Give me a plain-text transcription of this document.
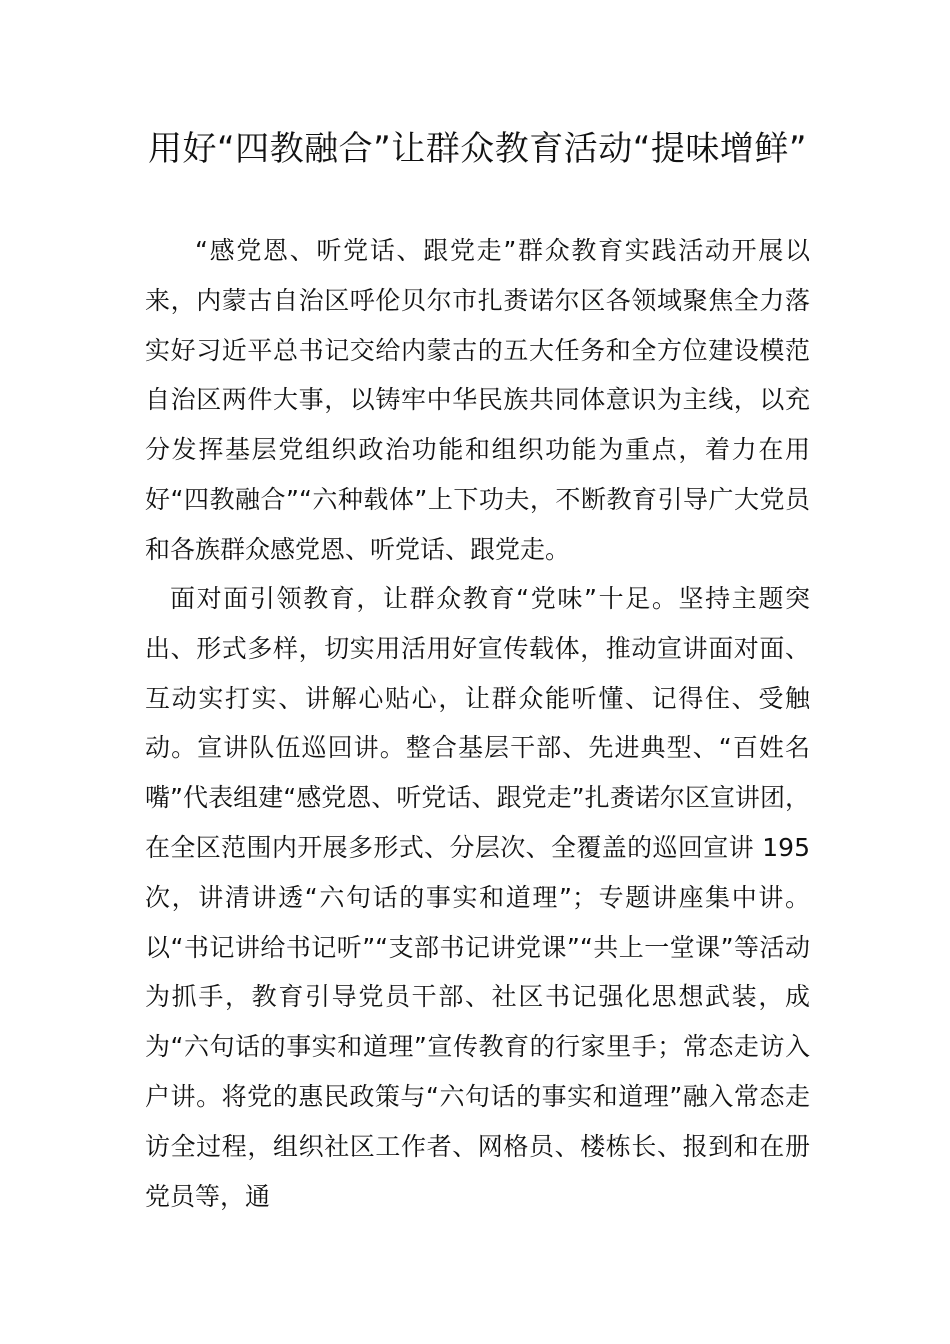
用好“四教融合”让群众教育活动“提味增鲜”

“感党恩、听党话、跟党走”群众教育实践活动开展以来，内蒙古自治区呼伦贝尔市扎赉诺尔区各领域聚焦全力落实好习近平总书记交给内蒙古的五大任务和全方位建设模范自治区两件大事，以铸牢中华民族共同体意识为主线，以充分发挥基层党组织政治功能和组织功能为重点，着力在用好“四教融合”“六种载体”上下功夫，不断教育引导广大党员和各族群众感党恩、听党话、跟党走。

面对面引领教育，让群众教育“党味”十足。坚持主题突出、形式多样，切实用活用好宣传载体，推动宣讲面对面、互动实打实、讲解心贴心，让群众能听懂、记得住、受触动。宣讲队伍巡回讲。整合基层干部、先进典型、“百姓名嘴”代表组建“感党恩、听党话、跟党走”扎赉诺尔区宣讲团，在全区范围内开展多形式、分层次、全覆盖的巡回宣讲 195 次，讲清讲透“六句话的事实和道理”；专题讲座集中讲。以“书记讲给书记听”“支部书记讲党课”“共上一堂课”等活动为抓手，教育引导党员干部、社区书记强化思想武装，成为“六句话的事实和道理”宣传教育的行家里手；常态走访入户讲。将党的惠民政策与“六句话的事实和道理”融入常态走访全过程，组织社区工作者、网格员、楼栋长、报到和在册党员等，通
